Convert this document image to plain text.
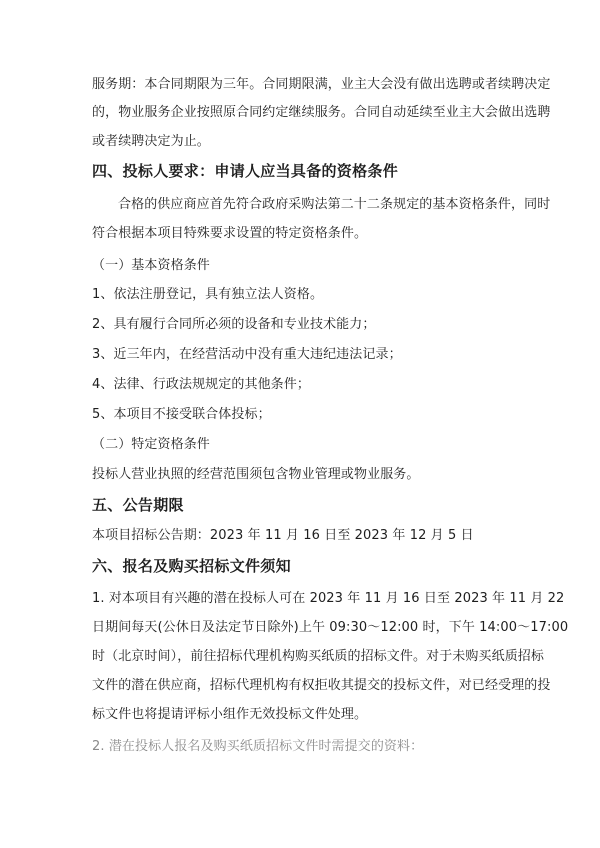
服务期：本合同期限为三年。合同期限满，业主大会没有做出选聘或者续聘决定
的，物业服务企业按照原合同约定继续服务。合同自动延续至业主大会做出选聘
或者续聘决定为止。
四、投标人要求：申请人应当具备的资格条件
合格的供应商应首先符合政府采购法第二十二条规定的基本资格条件，同时
符合根据本项目特殊要求设置的特定资格条件。
（一）基本资格条件
1、依法注册登记，具有独立法人资格。
2、具有履行合同所必须的设备和专业技术能力；
3、近三年内，在经营活动中没有重大违纪违法记录；
4、法律、行政法规规定的其他条件；
5、本项目不接受联合体投标；
（二）特定资格条件
投标人营业执照的经营范围须包含物业管理或物业服务。
五、公告期限
本项目招标公告期：2023 年 11 月 16 日至 2023 年 12 月 5 日
六、报名及购买招标文件须知
1. 对本项目有兴趣的潜在投标人可在 2023 年 11 月 16 日至 2023 年 11 月 22
日期间每天(公休日及法定节日除外)上午 09:30～12:00 时，下午 14:00～17:00
时（北京时间），前往招标代理机构购买纸质的招标文件。对于未购买纸质招标
文件的潜在供应商，招标代理机构有权拒收其提交的投标文件，对已经受理的投
标文件也将提请评标小组作无效投标文件处理。
2. 潜在投标人报名及购买纸质招标文件时需提交的资料：
